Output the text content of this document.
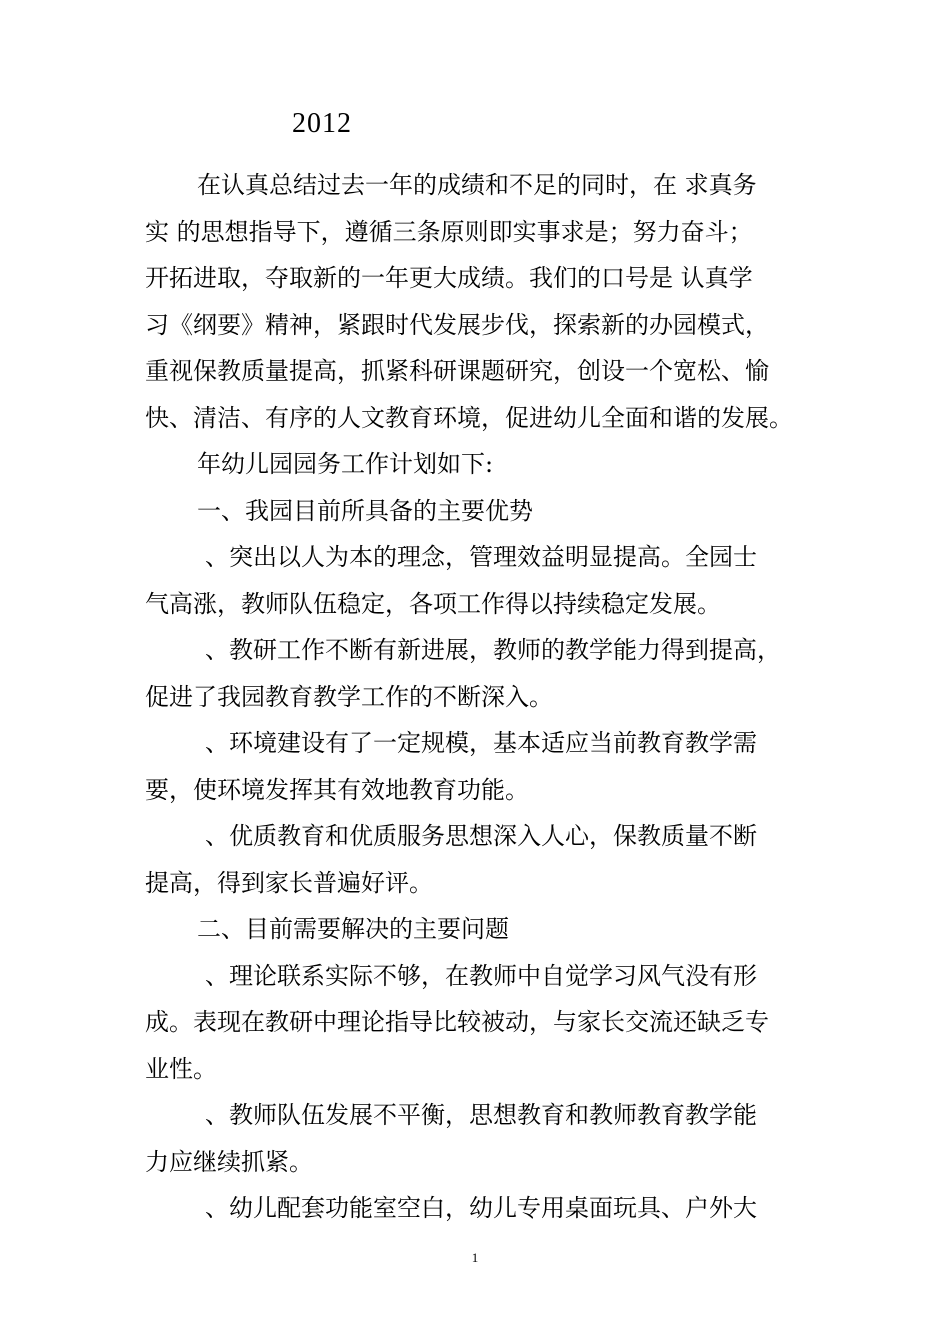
2012
在认真总结过去一年的成绩和不足的同时，在 求真务
实 的思想指导下，遵循三条原则即实事求是；努力奋斗；
开拓进取，夺取新的一年更大成绩。我们的口号是 认真学
习《纲要》精神，紧跟时代发展步伐，探索新的办园模式，
重视保教质量提高，抓紧科研课题研究，创设一个宽松、愉
快、清洁、有序的人文教育环境，促进幼儿全面和谐的发展。
年幼儿园园务工作计划如下:
一、我园目前所具备的主要优势
、突出以人为本的理念，管理效益明显提高。全园士
气高涨，教师队伍稳定，各项工作得以持续稳定发展。
、教研工作不断有新进展，教师的教学能力得到提高，
促进了我园教育教学工作的不断深入。
、环境建设有了一定规模，基本适应当前教育教学需
要，使环境发挥其有效地教育功能。
、优质教育和优质服务思想深入人心，保教质量不断
提高，得到家长普遍好评。
二、目前需要解决的主要问题
、理论联系实际不够，在教师中自觉学习风气没有形
成。表现在教研中理论指导比较被动，与家长交流还缺乏专
业性。
、教师队伍发展不平衡，思想教育和教师教育教学能
力应继续抓紧。
、幼儿配套功能室空白，幼儿专用桌面玩具、户外大
1
